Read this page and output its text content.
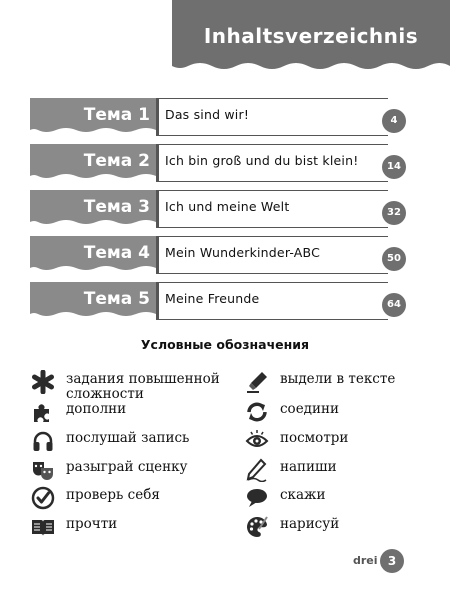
Inhaltsverzeichnis
Тема 1 Das sind wir!	4
Тема 2 Ich bin groß und du bist klein!	14
Тема 3 Ich und meine Welt	32
Тема 4 Mein Wunderkinder-ABC	50
Тема 5 Meine Freunde	64
Условные обозначения
задания повышенной
сложности
дополни
послушай запись
разыграй сценку
проверь себя
прочти
выдели в тексте
соедини
посмотри
напиши
скажи
нарисуй
drei 3
